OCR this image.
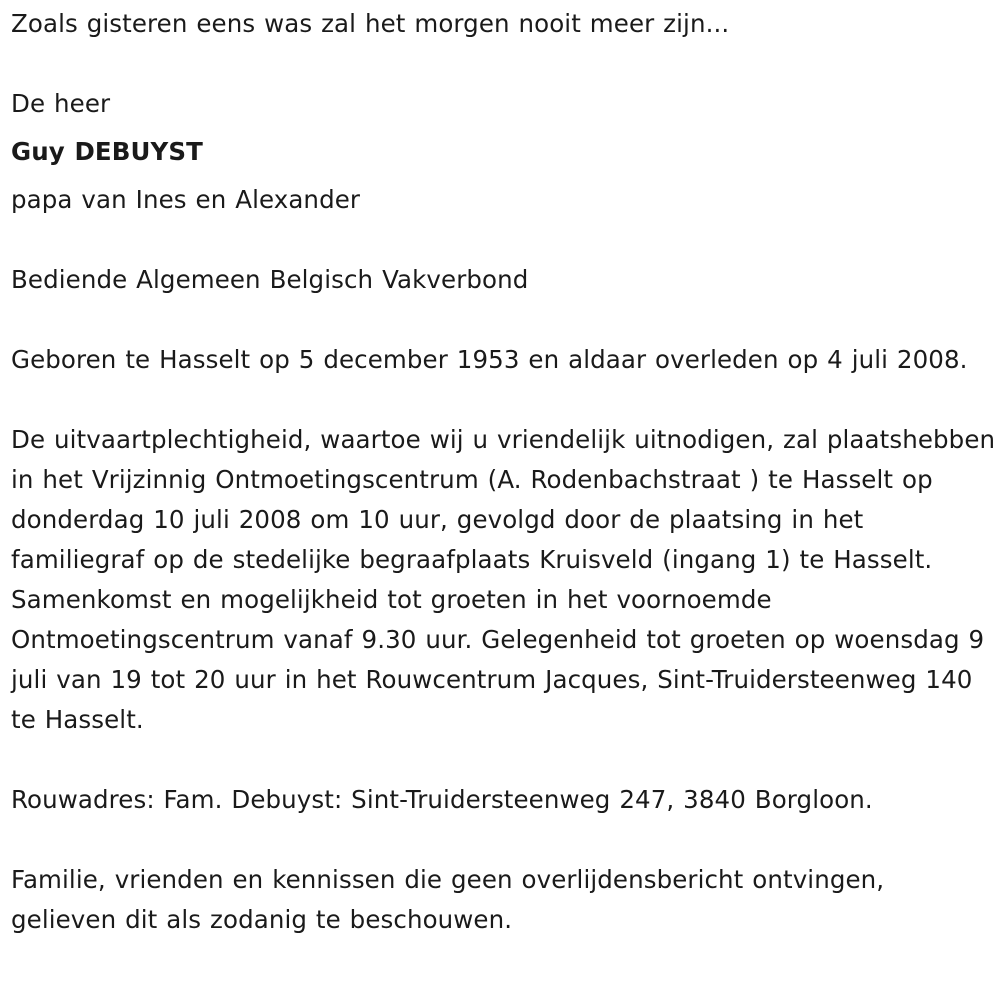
Zoals gisteren eens was zal het morgen nooit meer zijn...

De heer

Guy DEBUYST

papa van Ines en Alexander

Bediende Algemeen Belgisch Vakverbond

Geboren te Hasselt op 5 december 1953 en aldaar overleden op 4 juli 2008.

De uitvaartplechtigheid, waartoe wij u vriendelijk uitnodigen, zal plaatshebben in het Vrijzinnig Ontmoetingscentrum (A. Rodenbachstraat ) te Hasselt op donderdag 10 juli 2008 om 10 uur, gevolgd door de plaatsing in het familiegraf op de stedelijke begraafplaats Kruisveld (ingang 1) te Hasselt. Samenkomst en mogelijkheid tot groeten in het voornoemde Ontmoetingscentrum vanaf 9.30 uur. Gelegenheid tot groeten op woensdag 9 juli van 19 tot 20 uur in het Rouwcentrum Jacques, Sint-Truidersteenweg 140 te Hasselt.

Rouwadres: Fam. Debuyst: Sint-Truidersteenweg 247, 3840 Borgloon.

Familie, vrienden en kennissen die geen overlijdensbericht ontvingen, gelieven dit als zodanig te beschouwen.
